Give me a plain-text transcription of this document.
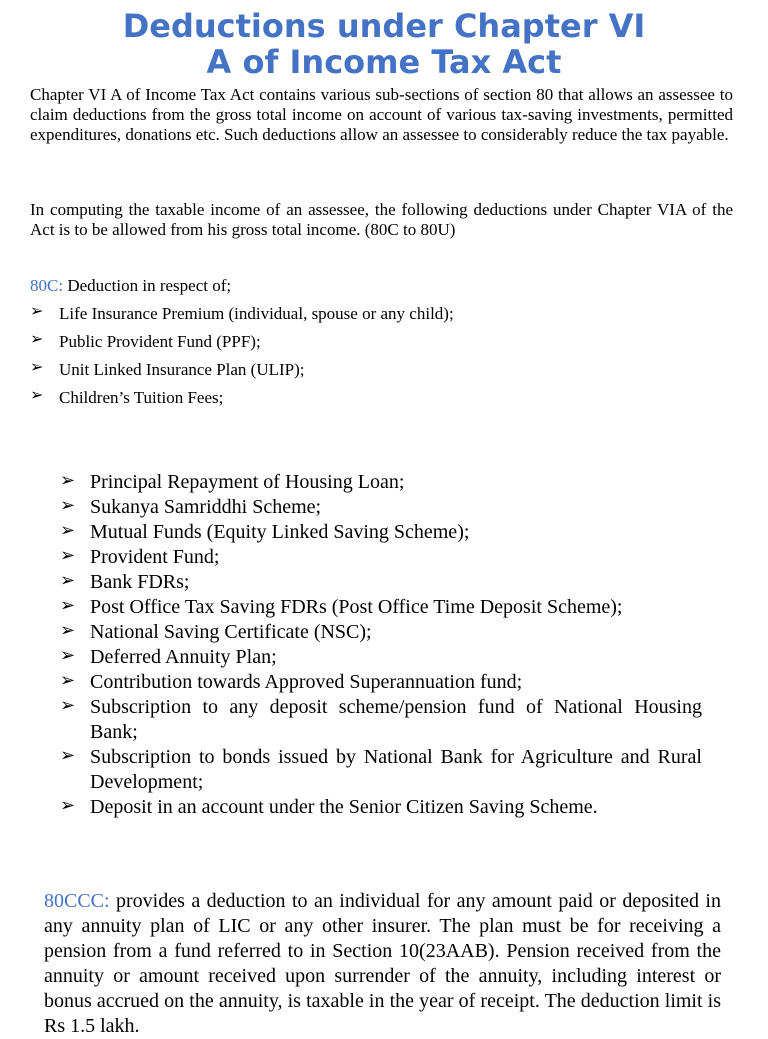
Deductions under Chapter VI
A of Income Tax Act

Chapter VI A of Income Tax Act contains various sub-sections of section 80 that allows an assessee to claim deductions from the gross total income on account of various tax-saving investments, permitted expenditures, donations etc. Such deductions allow an assessee to considerably reduce the tax payable.

In computing the taxable income of an assessee, the following deductions under Chapter VIA of the Act is to be allowed from his gross total income. (80C to 80U)

80C: Deduction in respect of;

➢ Life Insurance Premium (individual, spouse or any child);
➢ Public Provident Fund (PPF);
➢ Unit Linked Insurance Plan (ULIP);
➢ Children’s Tuition Fees;
➢ Principal Repayment of Housing Loan;
➢ Sukanya Samriddhi Scheme;
➢ Mutual Funds (Equity Linked Saving Scheme);
➢ Provident Fund;
➢ Bank FDRs;
➢ Post Office Tax Saving FDRs (Post Office Time Deposit Scheme);
➢ National Saving Certificate (NSC);
➢ Deferred Annuity Plan;
➢ Contribution towards Approved Superannuation fund;
➢ Subscription to any deposit scheme/pension fund of National Housing Bank;
➢ Subscription to bonds issued by National Bank for Agriculture and Rural Development;
➢ Deposit in an account under the Senior Citizen Saving Scheme.

80CCC: provides a deduction to an individual for any amount paid or deposited in any annuity plan of LIC or any other insurer. The plan must be for receiving a pension from a fund referred to in Section 10(23AAB). Pension received from the annuity or amount received upon surrender of the annuity, including interest or bonus accrued on the annuity, is taxable in the year of receipt. The deduction limit is Rs 1.5 lakh.
